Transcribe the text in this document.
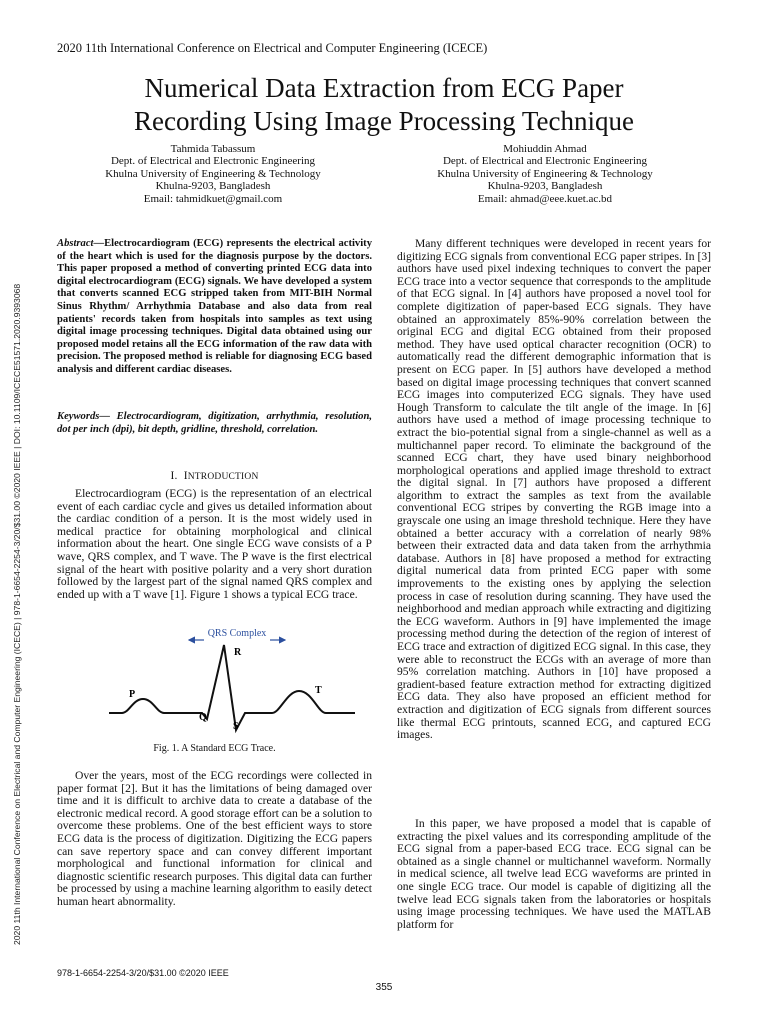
2020 11th International Conference on Electrical and Computer Engineering (ICECE)
Numerical Data Extraction from ECG Paper
Recording Using Image Processing Technique
Tahmida Tabassum
Dept. of Electrical and Electronic Engineering
Khulna University of Engineering & Technology
Khulna-9203, Bangladesh
Email: tahmidkuet@gmail.com
Mohiuddin Ahmad
Dept. of Electrical and Electronic Engineering
Khulna University of Engineering & Technology
Khulna-9203, Bangladesh
Email: ahmad@eee.kuet.ac.bd
2020 11th International Conference on Electrical and Computer Engineering (ICECE) | 978-1-6654-2254-3/20/$31.00 ©2020 IEEE | DOI: 10.1109/ICECE51571.2020.9393068
Abstract—Electrocardiogram (ECG) represents the electrical activity of the heart which is used for the diagnosis purpose by the doctors. This paper proposed a method of converting printed ECG data into digital electrocardiogram (ECG) signals. We have developed a system that converts scanned ECG stripped taken from MIT-BIH Normal Sinus Rhythm/ Arrhythmia Database and also data from real patients' records taken from hospitals into samples as text using digital image processing techniques. Digital data obtained using our proposed model retains all the ECG information of the raw data with precision. The proposed method is reliable for diagnosing ECG based analysis and different cardiac diseases.
Keywords— Electrocardiogram, digitization, arrhythmia, resolution, dot per inch (dpi), bit depth, gridline, threshold, correlation.
I. INTRODUCTION

Electrocardiogram (ECG) is the representation of an electrical event of each cardiac cycle and gives us detailed information about the cardiac condition of a person. It is the most widely used in medical practice for obtaining morphological and clinical information about the heart. One single ECG wave consists of a P wave, QRS complex, and T wave. The P wave is the first electrical signal of the heart with positive polarity and a very short duration followed by the largest part of the signal named QRS complex and ended up with a T wave [1]. Figure 1 shows a typical ECG trace.

QRS Complex
P
Q
R
S
T
Fig. 1. A Standard ECG Trace.

Over the years, most of the ECG recordings were collected in paper format [2]. But it has the limitations of being damaged over time and it is difficult to archive data to create a database of the electronic medical record. A good storage effort can be a solution to overcome these problems. One of the best efficient ways to store ECG data is the process of digitization. Digitizing the ECG papers can save repertory space and can convey different important morphological and functional information for clinical and diagnostic scientific research purposes. This digital data can further be processed by using a machine learning algorithm to easily detect human heart abnormality.

Many different techniques were developed in recent years for digitizing ECG signals from conventional ECG paper stripes. In [3] authors have used pixel indexing techniques to convert the paper ECG trace into a vector sequence that corresponds to the amplitude of that ECG signal. In [4] authors have proposed a novel tool for complete digitization of paper-based ECG signals. They have obtained an approximately 85%-90% correlation between the original ECG and digital ECG obtained from their proposed method. They have used optical character recognition (OCR) to automatically read the different demographic information that is present on ECG paper. In [5] authors have developed a method based on digital image processing techniques that convert scanned ECG images into computerized ECG signals. They have used Hough Transform to calculate the tilt angle of the image. In [6] authors have used a method of image processing technique to extract the bio-potential signal from a single-channel as well as a multichannel paper record. To eliminate the background of the scanned ECG chart, they have used binary neighborhood morphological operations and applied image threshold to extract the digital signal. In [7] authors have proposed a different algorithm to extract the samples as text from the available conventional ECG stripes by converting the RGB image into a grayscale one using an image threshold technique. Here they have obtained a better accuracy with a correlation of nearly 98% between their extracted data and data taken from the arrhythmia database. Authors in [8] have proposed a method for extracting digital numerical data from printed ECG paper with some improvements to the existing ones by applying the selection process in case of resolution during scanning. They have used the neighborhood and median approach while extracting and digitizing the ECG waveform. Authors in [9] have implemented the image processing method during the detection of the region of interest of ECG trace and extraction of digitized ECG signal. In this case, they were able to reconstruct the ECGs with an average of more than 95% correlation matching. Authors in [10] have proposed a gradient-based feature extraction method for extracting digitized ECG data. They also have proposed an efficient method for extraction and digitization of ECG signals from different sources like thermal ECG printouts, scanned ECG, and captured ECG images.

In this paper, we have proposed a model that is capable of extracting the pixel values and its corresponding amplitude of the ECG signal from a paper-based ECG trace. ECG signal can be obtained as a single channel or multichannel waveform. Normally in medical science, all twelve lead ECG waveforms are printed in one single ECG trace. Our model is capable of digitizing all the twelve lead ECG signals taken from the laboratories or hospitals using image processing techniques. We have used the MATLAB platform for

978-1-6654-2254-3/20/$31.00 ©2020 IEEE
355
